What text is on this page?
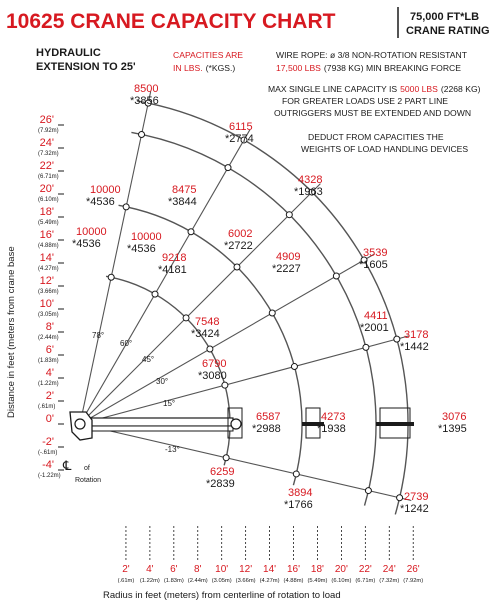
10625 CRANE CAPACITY CHART	75,000 FT*LB
CRANE RATING
HYDRAULIC
EXTENSION TO 25'
CAPACITIES ARE
IN LBS. (*KGS.)
WIRE ROPE: ø 3/8 NON-ROTATION RESISTANT
17,500 LBS (7938 KG) MIN BREAKING FORCE
MAX SINGLE LINE CAPACITY IS 5000 LBS (2268 KG)
FOR GREATER LOADS USE 2 PART LINE
OUTRIGGERS MUST BE EXTENDED AND DOWN
DEDUCT FROM CAPACITIES THE
WEIGHTS OF LOAD HANDLING DEVICES
Distance in feet (meters from crane base
Radius in feet (meters) from centerline of rotation to load
26'
(7.92m)
24'
(7.32m)
22'
(6.71m)
20'
(6.10m)
18'
(5.49m)
16'
(4.88m)
14'
(4.27m)
12'
(3.66m)
10'
(3.05m)
8'
(2.44m)
6'
(1.83m)
4'
(1.22m)
2'
(.61m)
0'
-2'
(-.61m)
-4'
(-1.22m)
2'
(.61m)
4'
(1.22m)
6'
(1.83m)
8'
(2.44m)
10'
(3.05m)
12'
(3.66m)
14'
(4.27m)
16'
(4.88m)
18'
(5.49m)
20'
(6.10m)
22'
(6.71m)
24'
(7.32m)
26'
(7.92m)
℄ of
Rotation
78°
60°
45°
30°
15°
-13°
8500
*3856
6115
*2774
4328
*1963
10000
*4536
8475
*3844
6002
*2722
3539
*1605
10000
*4536
10000
*4536
9218
*4181
4909
*2227
7548
*3424
4411
*2001
3178
*1442
6790
*3080
6587
*2988
4273
*1938
3076
*1395
6259
*2839
3894
*1766
2739
*1242
